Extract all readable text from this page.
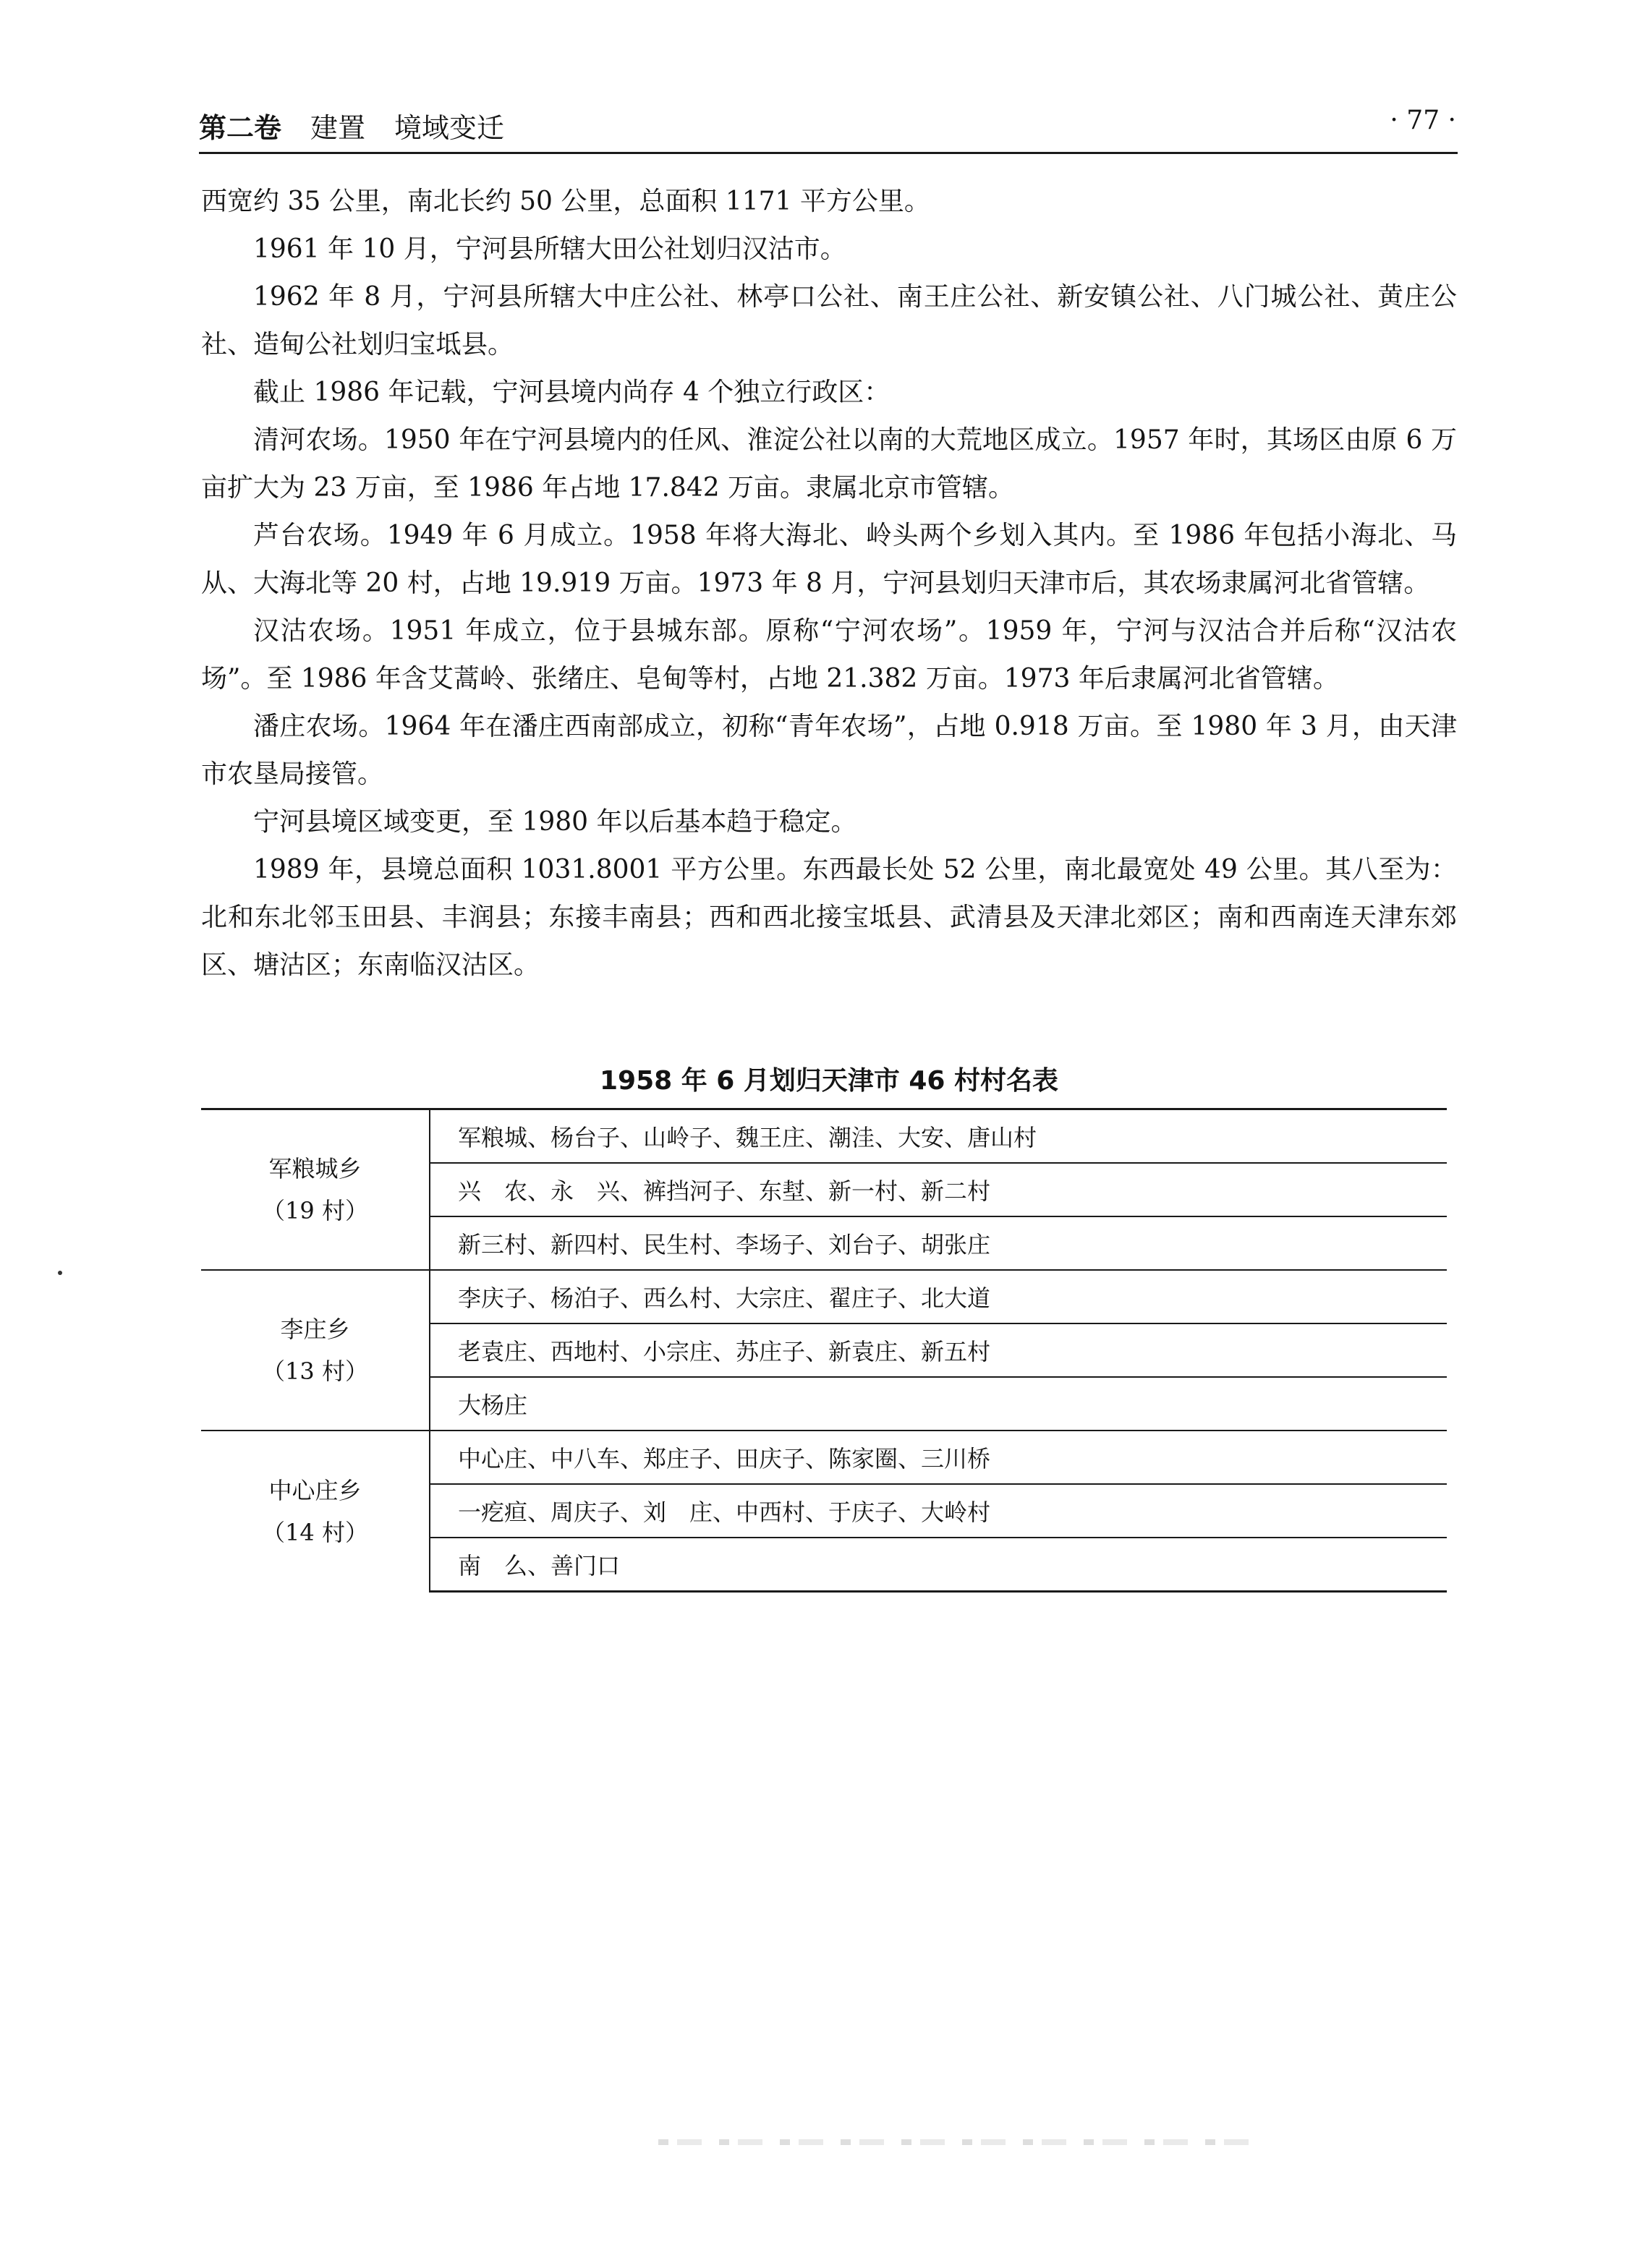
第二卷 建置 境域变迁	· 77 ·

西宽约 35 公里，南北长约 50 公里，总面积 1171 平方公里。

1961 年 10 月，宁河县所辖大田公社划归汉沽市。

1962 年 8 月，宁河县所辖大中庄公社、林亭口公社、南王庄公社、新安镇公社、八门城公社、黄庄公社、造甸公社划归宝坻县。

截止 1986 年记载，宁河县境内尚存 4 个独立行政区：

清河农场。1950 年在宁河县境内的任风、淮淀公社以南的大荒地区成立。1957 年时，其场区由原 6 万亩扩大为 23 万亩，至 1986 年占地 17.842 万亩。隶属北京市管辖。

芦台农场。1949 年 6 月成立。1958 年将大海北、岭头两个乡划入其内。至 1986 年包括小海北、马从、大海北等 20 村，占地 19.919 万亩。1973 年 8 月，宁河县划归天津市后，其农场隶属河北省管辖。

汉沽农场。1951 年成立，位于县城东部。原称“宁河农场”。1959 年，宁河与汉沽合并后称“汉沽农场”。至 1986 年含艾蒿岭、张绪庄、皂甸等村，占地 21.382 万亩。1973 年后隶属河北省管辖。

潘庄农场。1964 年在潘庄西南部成立，初称“青年农场”，占地 0.918 万亩。至 1980 年 3 月，由天津市农垦局接管。

宁河县境区域变更，至 1980 年以后基本趋于稳定。

1989 年，县境总面积 1031.8001 平方公里。东西最长处 52 公里，南北最宽处 49 公里。其八至为：北和东北邻玉田县、丰润县；东接丰南县；西和西北接宝坻县、武清县及天津北郊区；南和西南连天津东郊区、塘沽区；东南临汉沽区。

1958 年 6 月划归天津市 46 村村名表
军粮城乡
（19 村）	军粮城、杨台子、山岭子、魏王庄、潮洼、大安、唐山村
	兴　农、永　兴、裤挡河子、东堼、新一村、新二村
	新三村、新四村、民生村、李场子、刘台子、胡张庄

李庄乡
（13 村）	李庆子、杨泊子、西么村、大宗庄、翟庄子、北大道
	老袁庄、西地村、小宗庄、苏庄子、新袁庄、新五村
	大杨庄

中心庄乡
（14 村）	中心庄、中八车、郑庄子、田庆子、陈家圈、三川桥
	一疙疸、周庆子、刘　庄、中西村、于庆子、大岭村
	南　么、善门口
